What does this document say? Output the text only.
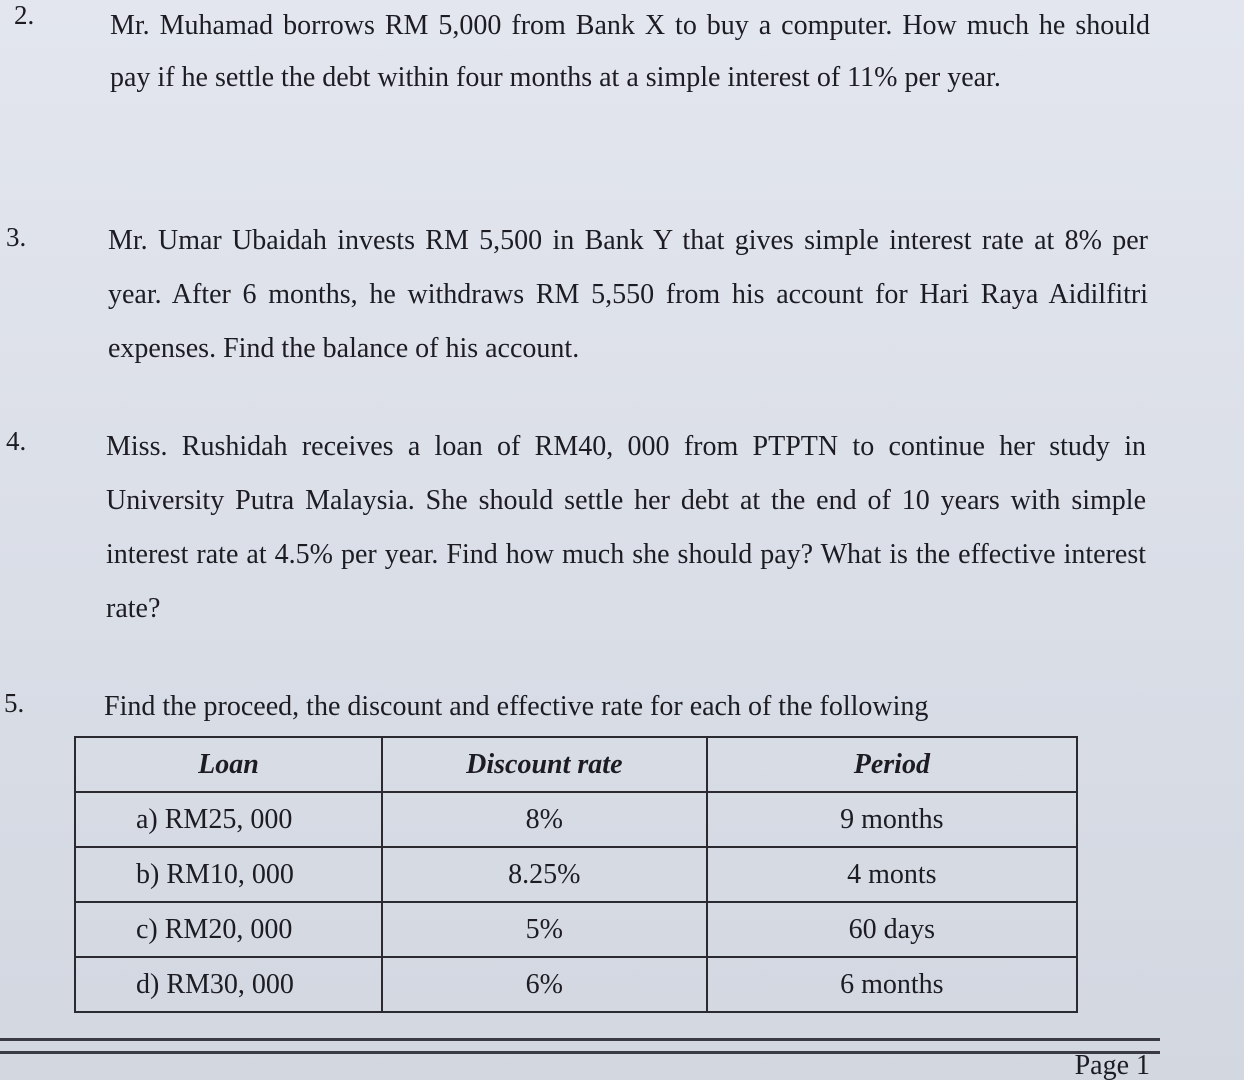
2.	Mr. Muhamad borrows RM 5,000 from Bank X to buy a computer. How much he should pay if he settle the debt within four months at a simple interest of 11% per year.
3.	Mr. Umar Ubaidah invests RM 5,500 in Bank Y that gives simple interest rate at 8% per year. After 6 months, he withdraws RM 5,550 from his account for Hari Raya Aidilfitri expenses. Find the balance of his account.
4.	Miss. Rushidah receives a loan of RM40, 000 from PTPTN to continue her study in University Putra Malaysia. She should settle her debt at the end of 10 years with simple interest rate at 4.5% per year. Find how much she should pay? What is the effective interest rate?
5.	Find the proceed, the discount and effective rate for each of the following
Loan	Discount rate	Period
a) RM25, 000	8%	9 months
b) RM10, 000	8.25%	4 monts
c) RM20, 000	5%	60 days
d) RM30, 000	6%	6 months
Page 1
